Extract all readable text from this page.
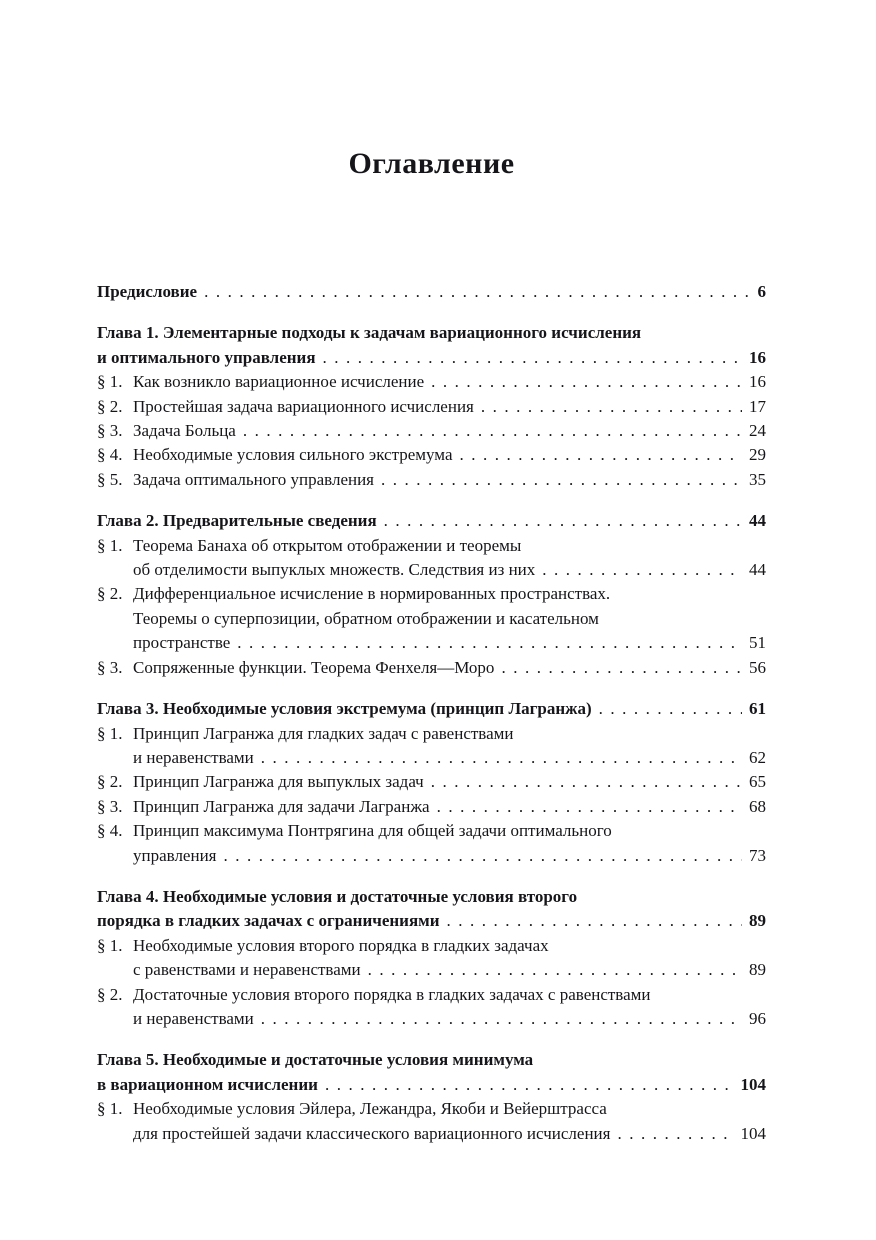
Оглавление
Предисловие .....	6
Глава 1. Элементарные подходы к задачам вариационного исчисления
и оптимального управления .....	16
§ 1. Как возникло вариационное исчисление .....	16
§ 2. Простейшая задача вариационного исчисления .....	17
§ 3. Задача Больца .....	24
§ 4. Необходимые условия сильного экстремума .....	29
§ 5. Задача оптимального управления .....	35
Глава 2. Предварительные сведения .....	44
§ 1. Теорема Банаха об открытом отображении и теоремы
об отделимости выпуклых множеств. Следствия из них .....	44
§ 2. Дифференциальное исчисление в нормированных пространствах.
Теоремы о суперпозиции, обратном отображении и касательном
пространстве .....	51
§ 3. Сопряженные функции. Теорема Фенхеля—Моро .....	56
Глава 3. Необходимые условия экстремума (принцип Лагранжа) .....	61
§ 1. Принцип Лагранжа для гладких задач с равенствами
и неравенствами .....	62
§ 2. Принцип Лагранжа для выпуклых задач .....	65
§ 3. Принцип Лагранжа для задачи Лагранжа .....	68
§ 4. Принцип максимума Понтрягина для общей задачи оптимального
управления .....	73
Глава 4. Необходимые условия и достаточные условия второго
порядка в гладких задачах с ограничениями .....	89
§ 1. Необходимые условия второго порядка в гладких задачах
с равенствами и неравенствами .....	89
§ 2. Достаточные условия второго порядка в гладких задачах с равенствами
и неравенствами .....	96
Глава 5. Необходимые и достаточные условия минимума
в вариационном исчислении .....	104
§ 1. Необходимые условия Эйлера, Лежандра, Якоби и Вейерштрасса
для простейшей задачи классического вариационного исчисления .....	104
